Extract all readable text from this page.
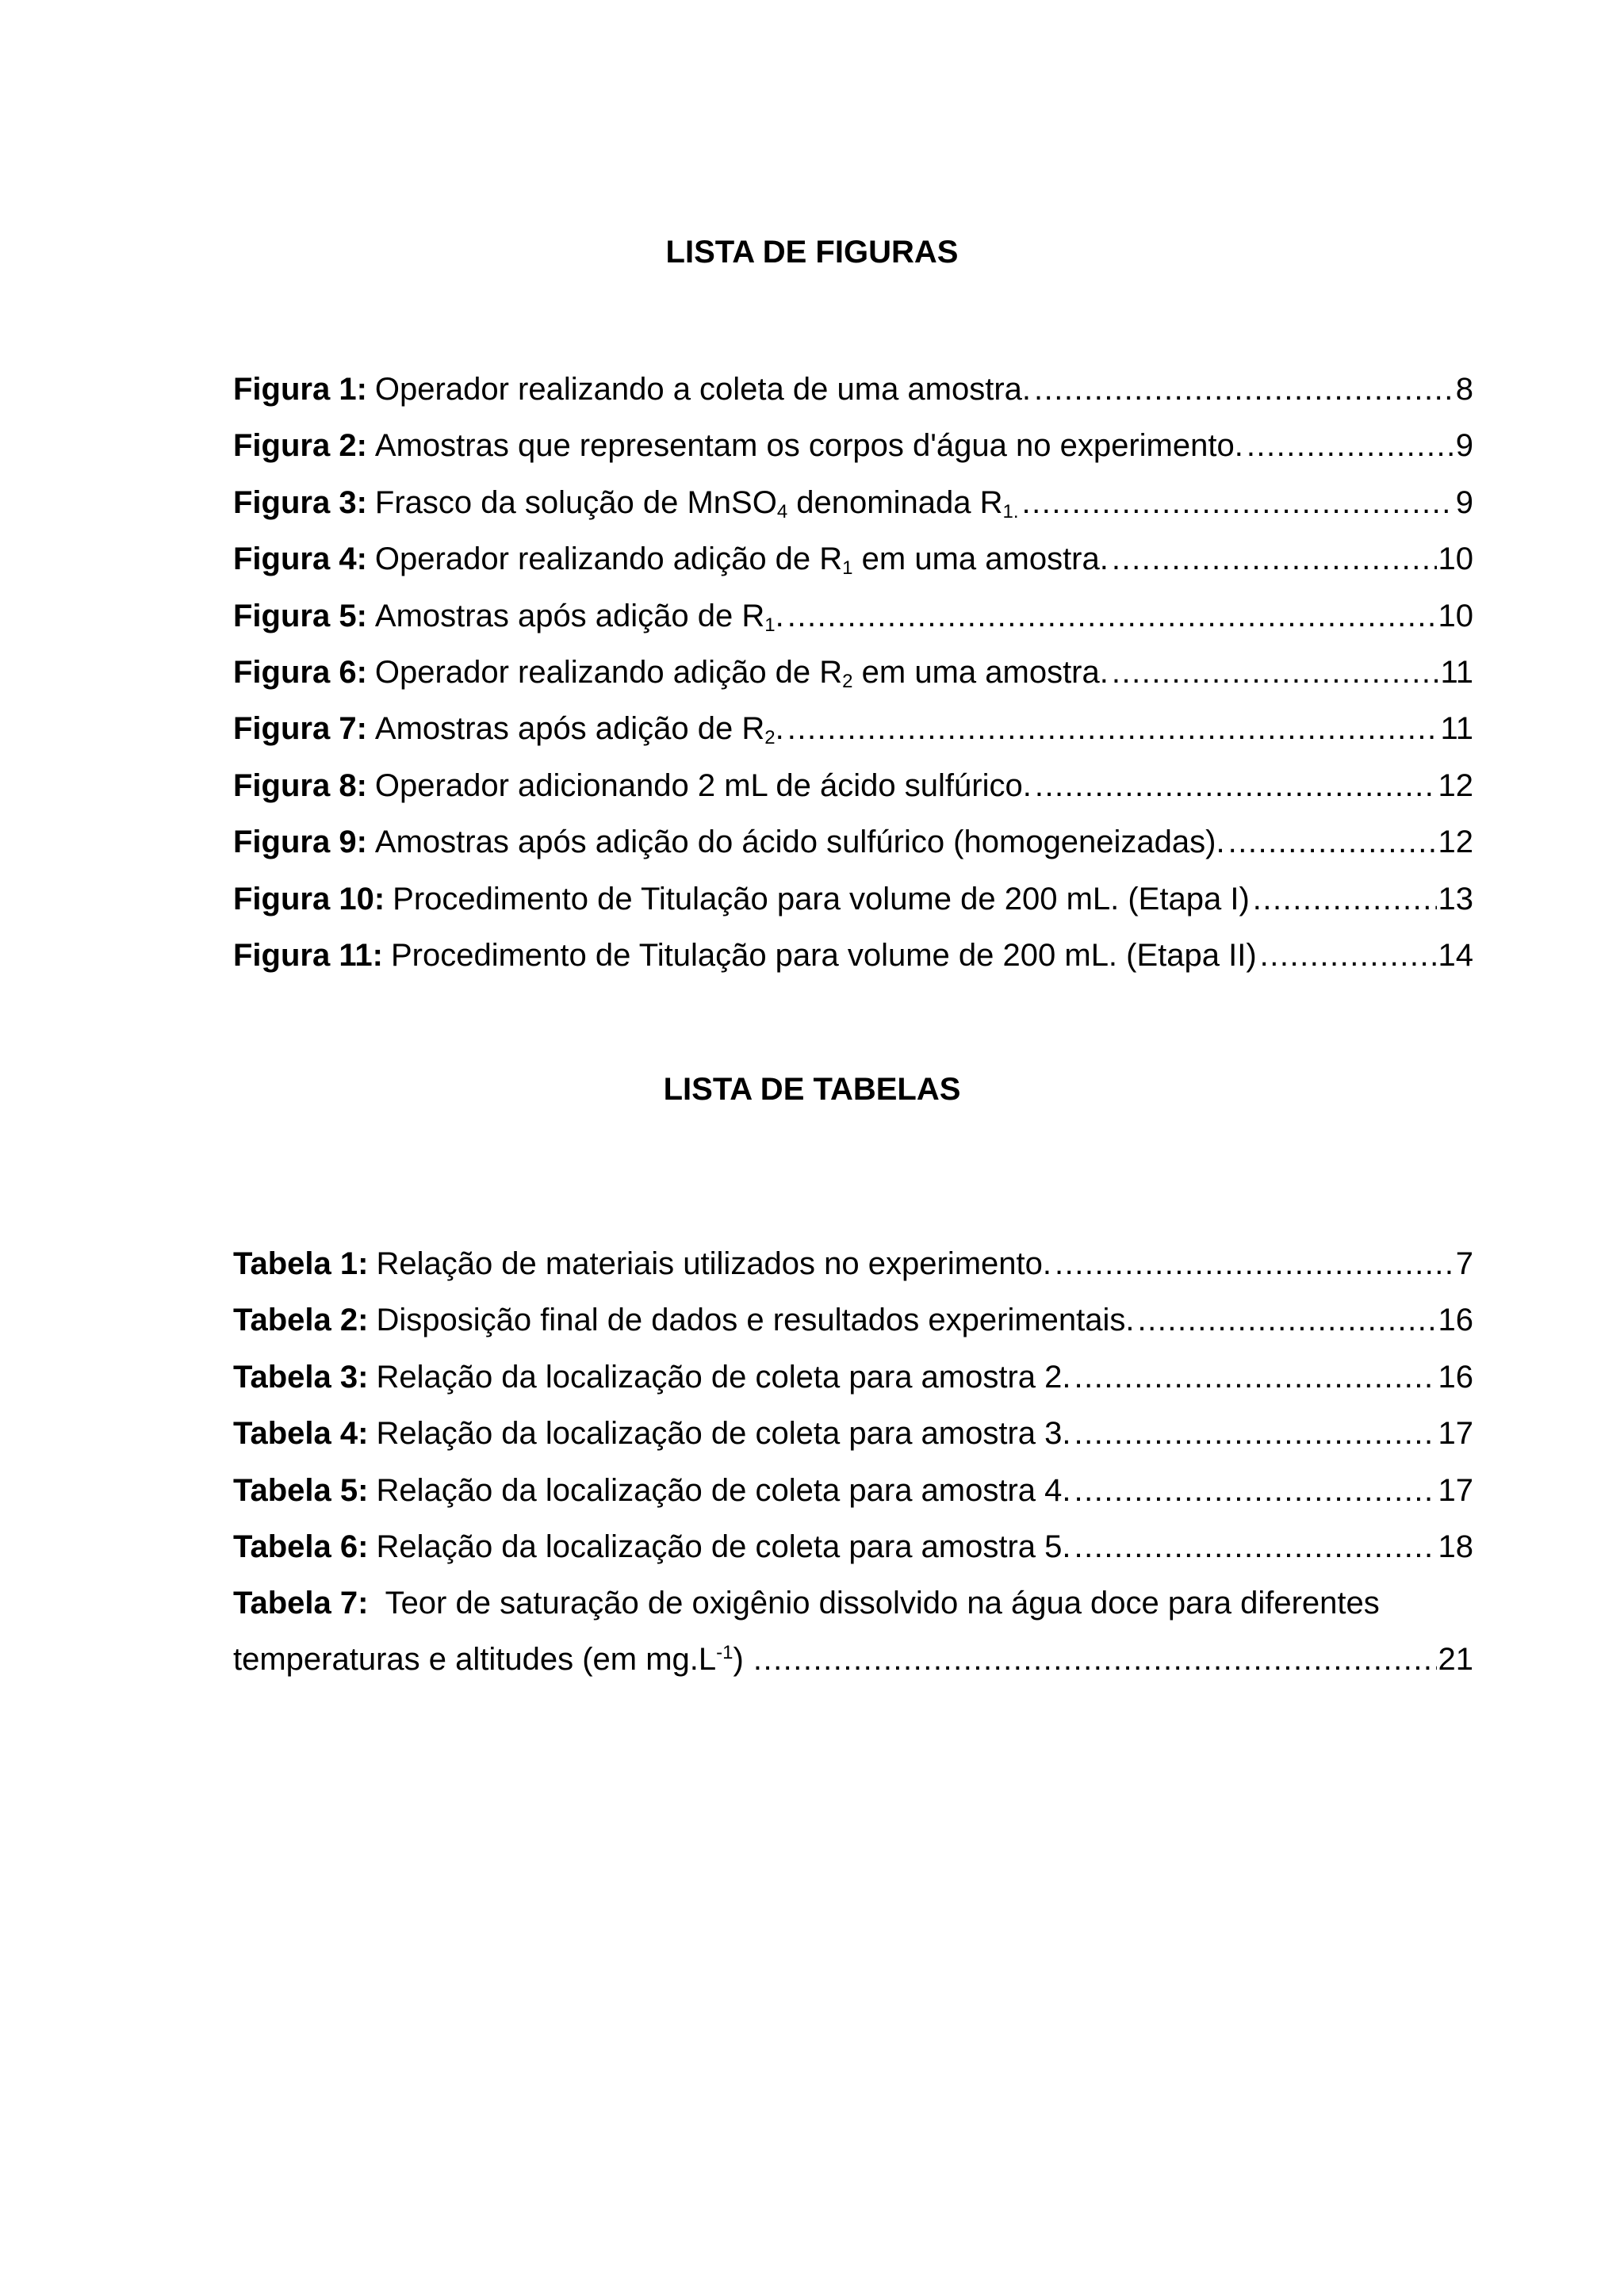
LISTA DE FIGURAS
Figura 1: Operador realizando a coleta de uma amostra. .....	8
Figura 2: Amostras que representam os corpos d'água no experimento. .....	9
Figura 3: Frasco da solução de MnSO$_4$ denominada $R_{1.}$ .....	9
Figura 4: Operador realizando adição de $R_1$ em uma amostra. .....	10
Figura 5: Amostras após adição de $R_1$. .....	10
Figura 6: Operador realizando adição de $R_2$ em uma amostra. .....	11
Figura 7: Amostras após adição de $R_2$. .....	11
Figura 8: Operador adicionando 2 mL de ácido sulfúrico. .....	12
Figura 9: Amostras após adição do ácido sulfúrico (homogeneizadas). .....	12
Figura 10: Procedimento de Titulação para volume de 200 mL. (Etapa I) .....	13
Figura 11: Procedimento de Titulação para volume de 200 mL. (Etapa II) .....	14
LISTA DE TABELAS
Tabela 1: Relação de materiais utilizados no experimento. .....	7
Tabela 2: Disposição final de dados e resultados experimentais. .....	16
Tabela 3: Relação da localização de coleta para amostra 2. .....	16
Tabela 4: Relação da localização de coleta para amostra 3. .....	17
Tabela 5: Relação da localização de coleta para amostra 4. .....	17
Tabela 6: Relação da localização de coleta para amostra 5. .....	18
Tabela 7: Teor de saturação de oxigênio dissolvido na água doce para diferentes
temperaturas e altitudes (em $mg.L^{-1}$) .....	21
